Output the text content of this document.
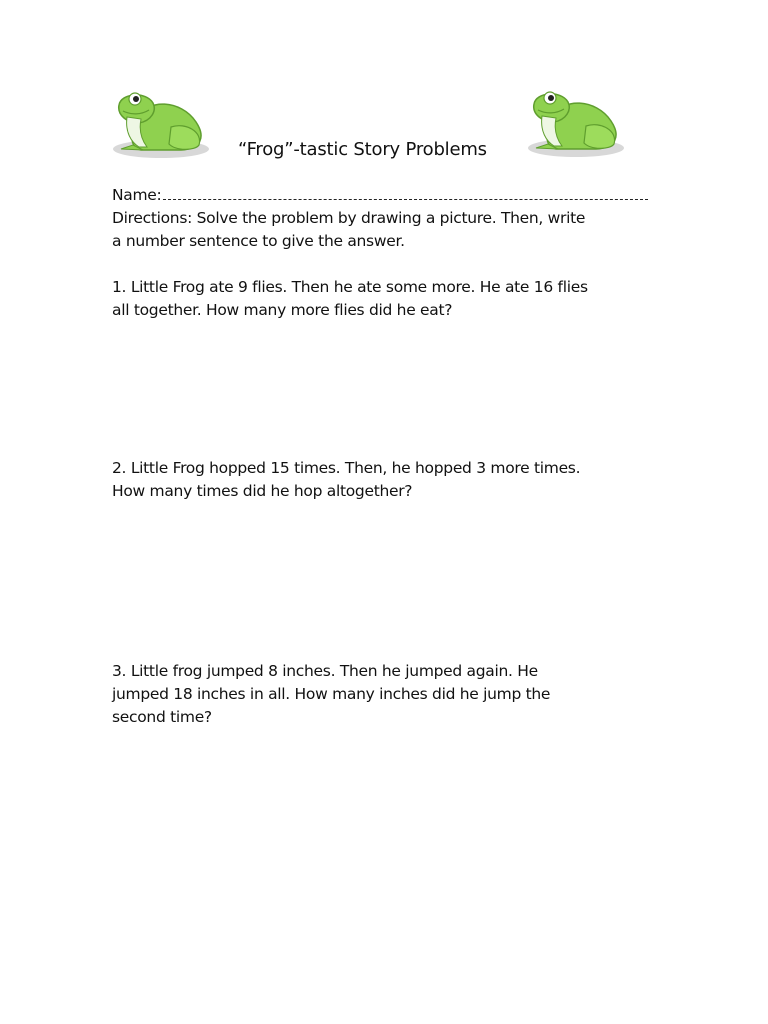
“Frog”-tastic Story Problems
Name:
Directions: Solve the problem by drawing a picture. Then, write
a number sentence to give the answer.
1. Little Frog ate 9 flies. Then he ate some more. He ate 16 flies
all together. How many more flies did he eat?
2. Little Frog hopped 15 times. Then, he hopped 3 more times.
How many times did he hop altogether?
3. Little frog jumped 8 inches. Then he jumped again. He
jumped 18 inches in all. How many inches did he jump the
second time?
